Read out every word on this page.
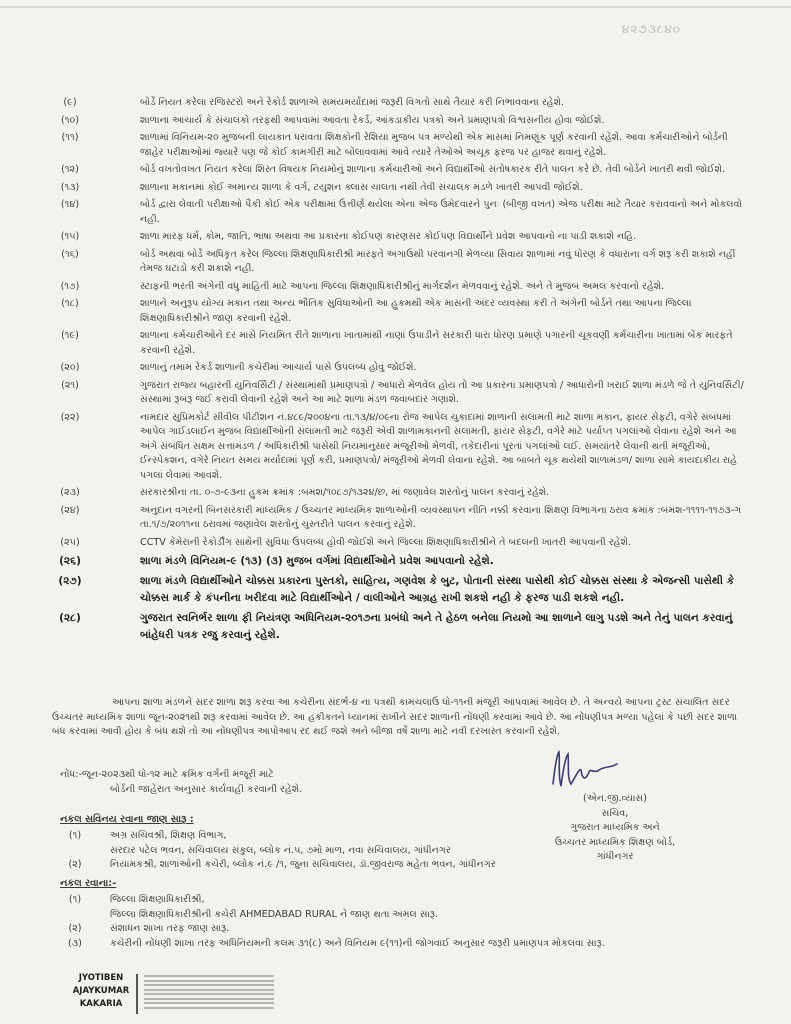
૪૨૭૩૮૪૦
(૯)	બોર્ડે નિયત કરેલા રજિસ્ટરો અને રેકોર્ડ શાળાએ સમયમર્યાદામાં જરૂરી વિગતો સાથે તૈયાર કરી નિભાવવાના રહેશે.
(૧૦)	શાળાના આચાર્ય કે સંચાલકો તરફથી આપવામાં આવતા રેકર્ડ, આંકડાકીય પત્રકો અને પ્રમાણપત્રો વિશ્વસનીય હોવા જોઈશે.
(૧૧)	શાળામાં વિનિયમ-૨૦ મુજબની લાયકાત ધરાવતા શિક્ષકોની રેશિયા મુજબ પત્ર મળ્યેથી એક માસમાં નિમણૂંક પૂર્ણ કરવાની રહેશે. આવા કર્મચારીઓને બોર્ડની જાહેર પરીક્ષાઓમાં જ્યારે પણ જે કોઈ કામગીરી માટે બોલાવવામાં આવે ત્યારે તેઓએ અચૂક ફરજ પર હાજર થવાનું રહેશે.
(૧૨)	બોર્ડ વખતોવખત નિયત કરેલા શિસ્ત વિષયક નિયમોનું શાળાના કર્મચારીઓ અને વિદ્યાર્થીઓ સંતોષકારક રીતે પાલન કરે છે. તેવી બોર્ડને ખાતરી થવી જોઈશે.
(૧૩)	શાળાના મકાનમાં કોઈ અમાન્ય શાળા કે વર્ગ, ટયુશન ક્લાસ ચાલતા નથી તેવી સંચાલક મંડળે ખાતરી આપવી જોઈશે.
(૧૪)	બોર્ડ દ્વારા લેવાતી પરીક્ષાઓ પૈકી કોઈ એક પરીક્ષામાં ઉત્તીર્ણ થયેલા એના એજ ઉમેદવારને પુનઃ (બીજી વખત) એજ પરીક્ષા માટે તૈયાર કરાવવાનો અને મોકલવો નહી.
(૧૫)	શાળા મારફ ધર્મ, કોમ, જાતિ, ભાષા અથવા આ પ્રકારના કોઈપણ કારણસર કોઈપણ વિદ્યાર્થીને પ્રવેશ આપવાનો ના પાડી શકાશે નહિ.
(૧૬)	બોર્ડ અથવા બોર્ડે અધિકૃત કરેલ જિલ્લા શિક્ષણાધિકારીશ્રી મારફતે અગાઉથી પરવાનગી મેળવ્યા સિવાય શાળામાં નવું ધોરણ કે વધારાના વર્ગ શરૂ કરી શકાશે નહીં તેમજ ઘટાડો કરી શકાશે નહી.
(૧૭)	સ્ટાફની ભરતી અંગેની વધુ માહિતી માટે આપના જિલ્લા શિક્ષણાધિકારીશ્રીનું માર્ગદર્શન મેળવવાનું રહેશે. અને તે મુજબ અમલ કરવાનો રહેશે.
(૧૮)	શાળાને અનુરૂપ યોગ્ય મકાન તથા અન્ય ભૌતિક સુવિધાઓની આ હુકમથી એક માસની અંદર વ્યવસ્થા કરી તે અંગેની બોર્ડને તથા આપના જિલ્લા શિક્ષણાધિકારીશ્રીને જાણ કરવાની રહેશે.
(૧૯)	શાળાના કર્મચારીઓને દર માસે નિયમિત રીતે શાળાના ખાતામાંથી નાણાં ઉપાડીને સરકારી ધારા ધોરણ પ્રમાણે પગારની ચૂકવણી કર્મચારીના ખાતામાં બેંક મારફતે કરવાની રહેશે.
(૨૦)	શાળાનું તમામ રેકર્ડ શાળાની કચેરીમાં આચાર્ય પાસે ઉપલબ્ધ હોવું જોઈશે.
(૨૧)	ગુજરાત રાજ્ય બહારની યુનિવર્સિટી / સંસ્થામાંથી પ્રમાણપત્રો / આધારો મેળવેલ હોય તો આ પ્રકારના પ્રમાણપત્રો / આધારોની ખરાઈ શાળા મંડળે જે તે યુનિવર્સિટી/ સંસ્થામાં રૂબરૂ જઈ કરાવી લેવાની રહેશે અને આ માટે શાળા મંડળ જવાબદાર ગણાશે.
(૨૨)	નામદાર સુપ્રિમકોર્ટ સીવીલ પીટીશન નં.૪૮૯/૨૦૦૪ના તા.૧૩/૪/૦૯ના રોજ આપેલ ચુકાદામાં શાળાની સલામતી માટે શાળા મકાન, ફાયર સેફટી, વગેરે સંબંધમાં આપેલ ગાઈડલાઈન મુજબ વિદ્યાર્થીઓની સલામતી માટે જરૂરી એવી શાળામકાનની સલામતી, ફાયર સેફટી, વગેરે માટે પર્યાપ્ત પગલાંઓ લેવાના રહેશે અને આ અંગે સંબંધિત સક્ષમ સત્તામંડળ / અધિકારીશ્રી પાસેથી નિયમાનુસાર મંજૂરીઓ મેળવી, તકેદારીનાં પૂરતાં પગલાંઓ લઈ. સમયાંતરે લેવાની થતી મંજૂરીઓ, ઈન્સ્પેકશન, વગેરે નિયત સમય મર્યાદામાં પૂર્ણ કરી, પ્રમાણપત્રો/ મંજૂરીઓ મેળવી લેવાના રહેશે. આ બાબતે ચૂક થયેથી શાળામંડળ/ શાળા સામે કાયદાકીય રાહે પગલાં લેવામાં આવશે.
(૨૩)	સરકારશ્રીના તા. ૦-૭-૯૩ના હુકમ ક્રમાંક :બમશ/૧૦૮૭/૧૩૨૪/છ, માં જણાવેલ શરતોનું પાલન કરવાનું રહેશે.
(૨૪)	અનુદાન વગરની બિનસરકારી માધ્યમિક / ઉચ્ચતર માધ્યમિક શાળાઓની વ્યવસ્થાપન નીતિ નક્કી કરવાના શિક્ષણ વિભાગના ઠરાવ ક્રમાંક :બમશ-૧૧૧૧-૧૧૭૩-ગ તા.૧/૭/૨૦૧૧ના ઠરાવમાં જણાવેલ શરતોનું ચુસ્તરીતે પાલન કરવાનું રહેશે.
(૨૫)	CCTV કેમેરાની રેકોર્ડીંગ સાથેની સુવિધા ઉપલબ્ધ હોવી જોઈશે અને જિલ્લા શિક્ષણાધિકારીશ્રીને તે બદલની ખાતરી આપવાની રહેશે.
(૨૬)	શાળા મંડળે વિનિયમ-૯ (૧૩) (૩) મુજબ વર્ગમાં વિદ્યાર્થીઓને પ્રવેશ આપવાનો રહેશે.
(૨૭)	શાળા મંડળે વિદ્યાર્થીઓને ચોક્કસ પ્રકારના પુસ્તકો, સાહિત્ય, ગણવેશ કે બુટ, પોતાની સંસ્થા પાસેથી કોઈ ચોક્કસ સંસ્થા કે એજન્સી પાસેથી કે ચોક્કસ માર્ક કે કંપનીના ખરીદવા માટે વિદ્યાર્થીઓને / વાલીઓને આગ્રહ રાખી શકશે નહી કે ફરજ પાડી શકશે નહી.
(૨૮)	ગુજરાત સ્વનિર્ભર શાળા ફી નિયંત્રણ અધિનિયમ-૨૦૧૭ના પ્રબંધો અને તે હેઠળ બનેલા નિયમો આ શાળાને લાગુ પડશે અને તેનું પાલન કરવાનું બાંહેધરી પત્રક રજુ કરવાનું રહેશે.
આપના શાળા મંડળને સદર શાળા શરૂ કરવા આ કચેરીના સંદર્ભ-૪ ના પત્રથી કામચલાઉ ધો-૧૧ની મંજૂરી આપવામાં આવેલ છે. તે અન્વયે આપના ટ્રસ્ટ સંચાલિત સદર ઉચ્ચતર માધ્યમિક શાળા જૂન-૨૦૨૧થી શરૂ કરવામાં આવેલ છે. આ હકીકતને ધ્યાનમાં રાખીને સદર શાળાની નોંધણી કરવામાં આવે છે. આ નોંધણીપત્ર મળ્યા પહેલાં કે પછી સદર શાળા બંધ કરવામાં આવી હોય કે બંધ થશે તો આ નોંધણીપત્ર આપોઆપ રદ થઈ જશે અને બીજા વર્ષે શાળા માટે નવી દરખાસ્ત કરવાની રહેશે.
નોંધ:-જૂન-૨૦૨૩થી ધો-૧૨ માટે ક્રમિક વર્ગની મંજૂરી માટે
બોર્ડની જાહેરાત અનુસાર કાર્યવાહી કરવાની રહેશે.
(એન.જી.વ્યાસ)
સચિવ,
ગુજરાત માધ્યમિક અને
ઉચ્ચતર માધ્યમિક શિક્ષણ બોર્ડ,
ગાંધીનગર
નકલ સવિનય રવાના જાણ સારૂ :
(૧)	અગ્ર સચિવશ્રી, શિક્ષણ વિભાગ,
સરદાર પટેલ ભવન, સચિવાલય સંકુલ, બ્લોક નં.૫, ૭મો માળ, નવા સચિવાલય, ગાંધીનગર
(૨)	નિયામકશ્રી, શાળાઓની કચેરી, બ્લોક નં.૯ /૧, જુના સચિવાલય, ડૉ.જીવરાજ મહેતા ભવન, ગાંધીનગર
નકલ રવાના:-
(૧)	જિલ્લા શિક્ષણાધિકારીશ્રી,
જિલ્લા શિક્ષણાધિકારીશ્રીની કચેરી AHMEDABAD RURAL ને જાણ થતા અમલ સારૂ.
(૨)	સંશાધન શાખા તરફ જાણ સારૂ.
(૩)	કચેરીની નોંધણી શાખા તરફ અધિનિયમની કલમ ૩૧(૮) અને વિનિયમ ૯(૧૧)ની જોગવાઈ અનુસાર જરૂરી પ્રમાણપત્ર મોકલવા સારૂ.
JYOTIBEN
AJAYKUMAR
KAKARIA
